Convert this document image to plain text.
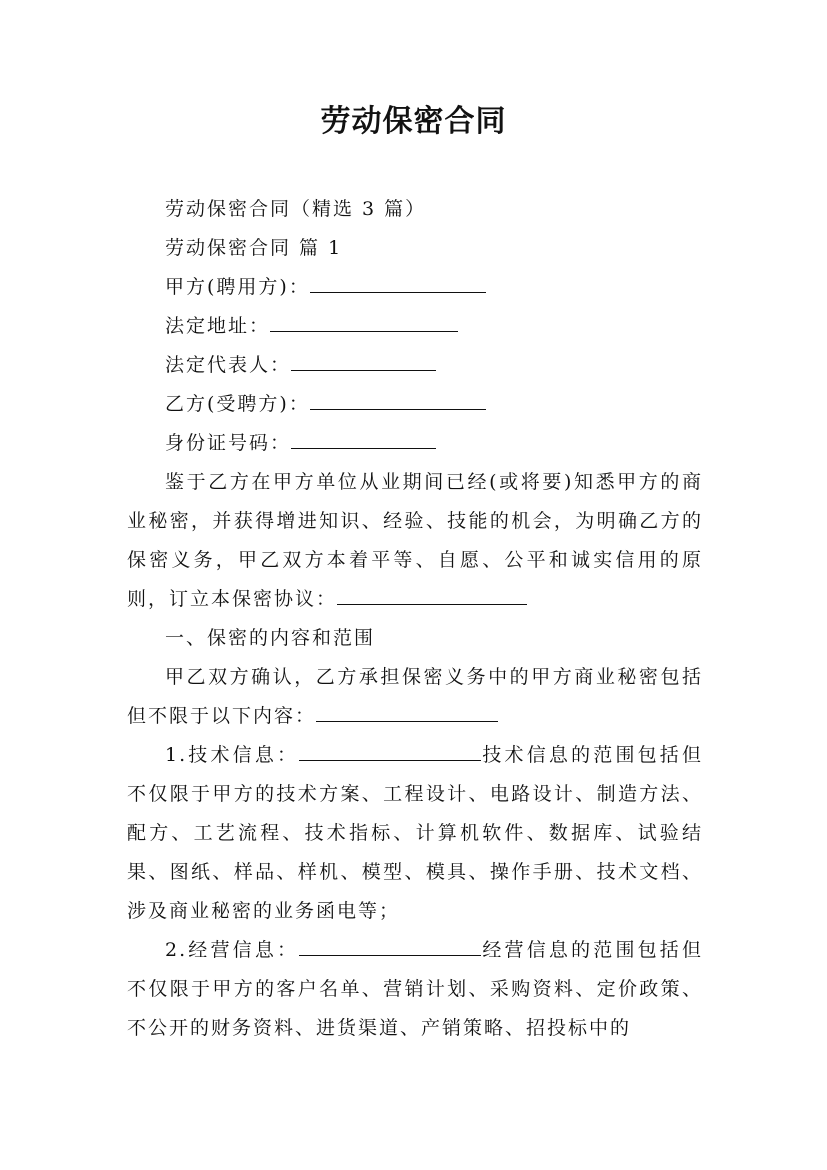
劳动保密合同

劳动保密合同（精选 3 篇）

劳动保密合同 篇 1

甲方(聘用方)：

法定地址：

法定代表人：

乙方(受聘方)：

身份证号码：

鉴于乙方在甲方单位从业期间已经(或将要)知悉甲方的商业秘密，并获得增进知识、经验、技能的机会，为明确乙方的保密义务，甲乙双方本着平等、自愿、公平和诚实信用的原则，订立本保密协议：

一、保密的内容和范围

甲乙双方确认，乙方承担保密义务中的甲方商业秘密包括但不限于以下内容：

1.技术信息：	技术信息的范围包括但不仅限于甲方的技术方案、工程设计、电路设计、制造方法、配方、工艺流程、技术指标、计算机软件、数据库、试验结果、图纸、样品、样机、模型、模具、操作手册、技术文档、涉及商业秘密的业务函电等；

2.经营信息：	经营信息的范围包括但不仅限于甲方的客户名单、营销计划、采购资料、定价政策、不公开的财务资料、进货渠道、产销策略、招投标中的
